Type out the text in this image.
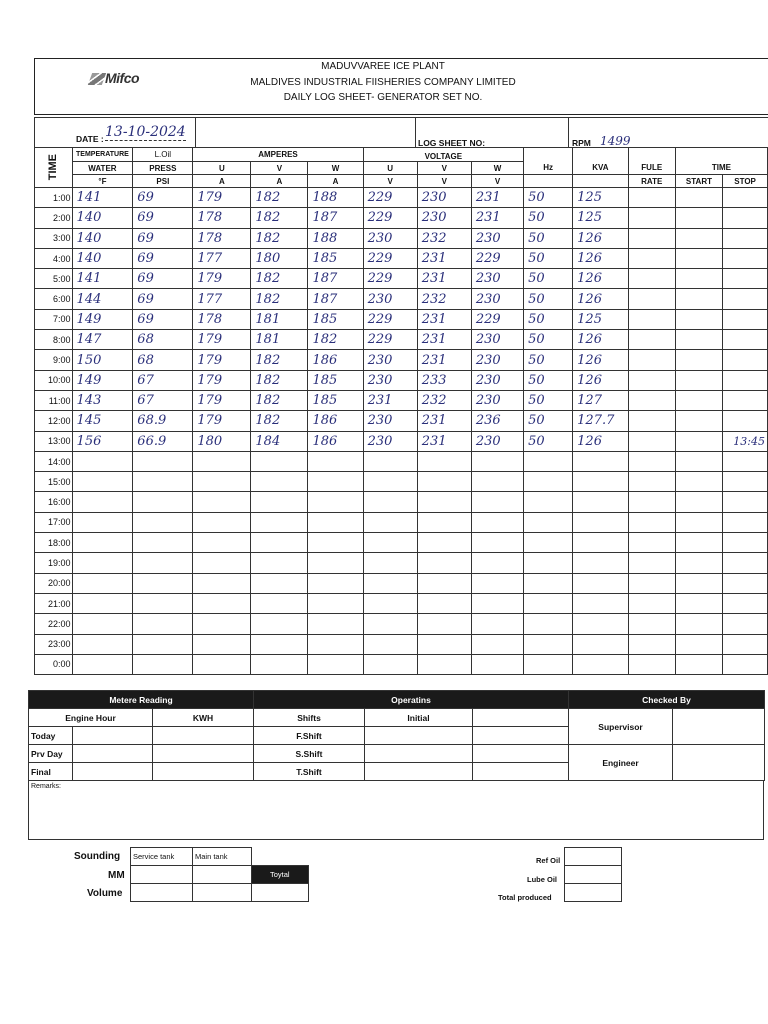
Mifco
MADUVVAREE ICE PLANT
MALDIVES INDUSTRIAL FIISHERIES COMPANY LIMITED
DAILY LOG SHEET- GENERATOR SET NO.
DATE : 13-10-2024
LOG SHEET NO:	RPM 1499
TIME	TEMPERATURE	L.Oil	AMPERES			VOLTAGE							
	WATER	PRESS	U	V	W	U	V	W	Hz	KVA	FULE	TIME	
	°F	PSI	A	A	A	V	V	V			RATE	START	STOP
1:00	141	69	179	182	188	229	230	231	50	125			
2:00	140	69	178	182	187	229	230	231	50	125			
3:00	140	69	178	182	188	230	232	230	50	126			
4:00	140	69	177	180	185	229	231	229	50	126			
5:00	141	69	179	182	187	229	231	230	50	126			
6:00	144	69	177	182	187	230	232	230	50	126			
7:00	149	69	178	181	185	229	231	229	50	125			
8:00	147	68	179	181	182	229	231	230	50	126			
9:00	150	68	179	182	186	230	231	230	50	126			
10:00	149	67	179	182	185	230	233	230	50	126			
11:00	143	67	179	182	185	231	232	230	50	127			
12:00	145	68.9	179	182	186	230	231	236	50	127.7			
13:00	156	66.9	180	184	186	230	231	230	50	126			13:45
14:00													
15:00													
16:00													
17:00													
18:00													
19:00													
20:00													
21:00													
22:00													
23:00													
0:00													
Metere Reading			Operatins			Checked By	
Engine Hour		KWH	Shifts	Initial		Supervisor	
Today			F.Shift				
Prv Day			S.Shift			Engineer	
Final			T.Shift				
Remarks:
Sounding
MM
Volume
Service tank	Main tank	
		Toytal

Ref Oil
Lube Oil
Total produced
